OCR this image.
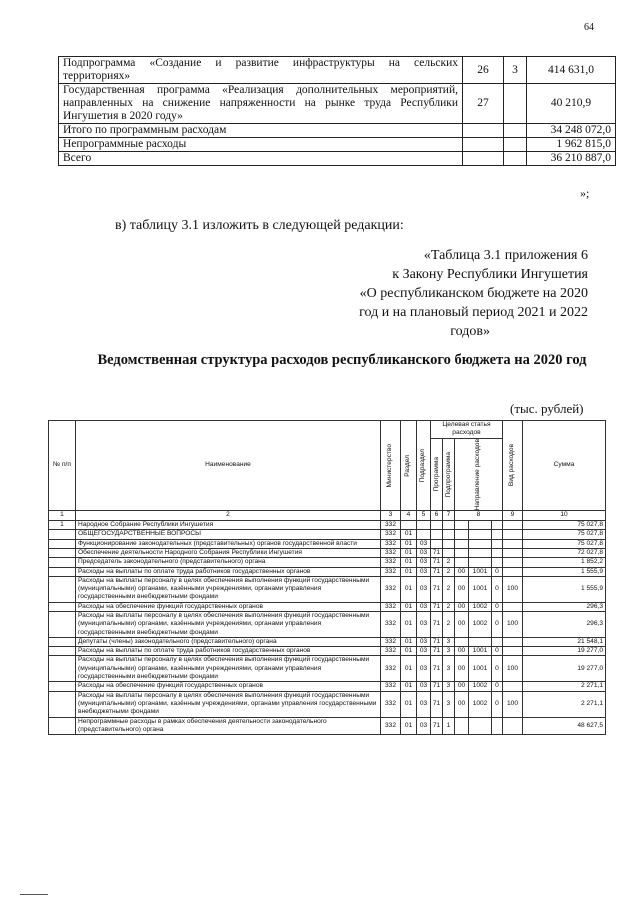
64
Подпрограмма «Создание и развитие инфраструктуры на сельских территориях»	26	3	414 631,0
Государственная программа «Реализация дополнительных мероприятий, направленных на снижение напряженности на рынке труда Республики Ингушетия в 2020 году»	27		40 210,9
Итого по программным расходам			34 248 072,0
Непрограммные расходы			1 962 815,0
Всего			36 210 887,0
»;
в) таблицу 3.1 изложить в следующей редакции:
«Таблица 3.1 приложения 6
к Закону Республики Ингушетия
«О республиканском бюджете на 2020
год и на плановый период 2021 и 2022
годов»
Ведомственная структура расходов республиканского бюджета на 2020 год
(тыс. рублей)
№ п/п	Наименование	Министерство	Раздел	Подраздел	Целевая статья расходов					Вид расходов	Сумма

					Программа	Подпрограмма	Направление расходов				

1	2	3	4	5	6	7	8			9	10
1	Народное Собрание Республики Ингушетия	332									75 027,8
	ОБЩЕГОСУДАРСТВЕННЫЕ ВОПРОСЫ	332	01								75 027,8
	Функционирование законодательных (представительных) органов государственной власти	332	01	03							75 027,8
	Обеспечение деятельности Народного Собрания Республики Ингушетия	332	01	03	71						72 027,8
	Председатель законодательного (представительного) органа	332	01	03	71	2					1 852,2
	Расходы на выплаты по оплате труда работников государственных органов	332	01	03	71	2	00	1001	0		1 555,9
	Расходы на выплаты персоналу в целях обеспечения выполнения функций государственными (муниципальными) органами, казёнными учреждениями, органами управления государственными внебюджетными фондами	332	01	03	71	2	00	1001	0	100	1 555,9
	Расходы на обеспечение функций государственных органов	332	01	03	71	2	00	1002	0		296,3
	Расходы на выплаты персоналу в целях обеспечения выполнения функций государственными (муниципальными) органами, казёнными учреждениями, органами управления государственными внебюджетными фондами	332	01	03	71	2	00	1002	0	100	296,3
	Депутаты (члены) законодательного (представительного) органа	332	01	03	71	3					21 548,1
	Расходы на выплаты по оплате труда работников государственных органов	332	01	03	71	3	00	1001	0		19 277,0
	Расходы на выплаты персоналу в целях обеспечения выполнения функций государственными (муниципальными) органами, казёнными учреждениями, органами управления государственными внебюджетными фондами	332	01	03	71	3	00	1001	0	100	19 277,0
	Расходы на обеспечение функций государственных органов	332	01	03	71	3	00	1002	0		2 271,1
	Расходы на выплаты персоналу в целях обеспечения выполнения функций государственными (муниципальными) органами, казённым учреждениями, органами управления государственными внебюджетными фондами	332	01	03	71	3	00	1002	0	100	2 271,1
	Непрограммные расходы в рамках обеспечения деятельности законодательного (представительного) органа	332	01	03	71	1					48 627,5
